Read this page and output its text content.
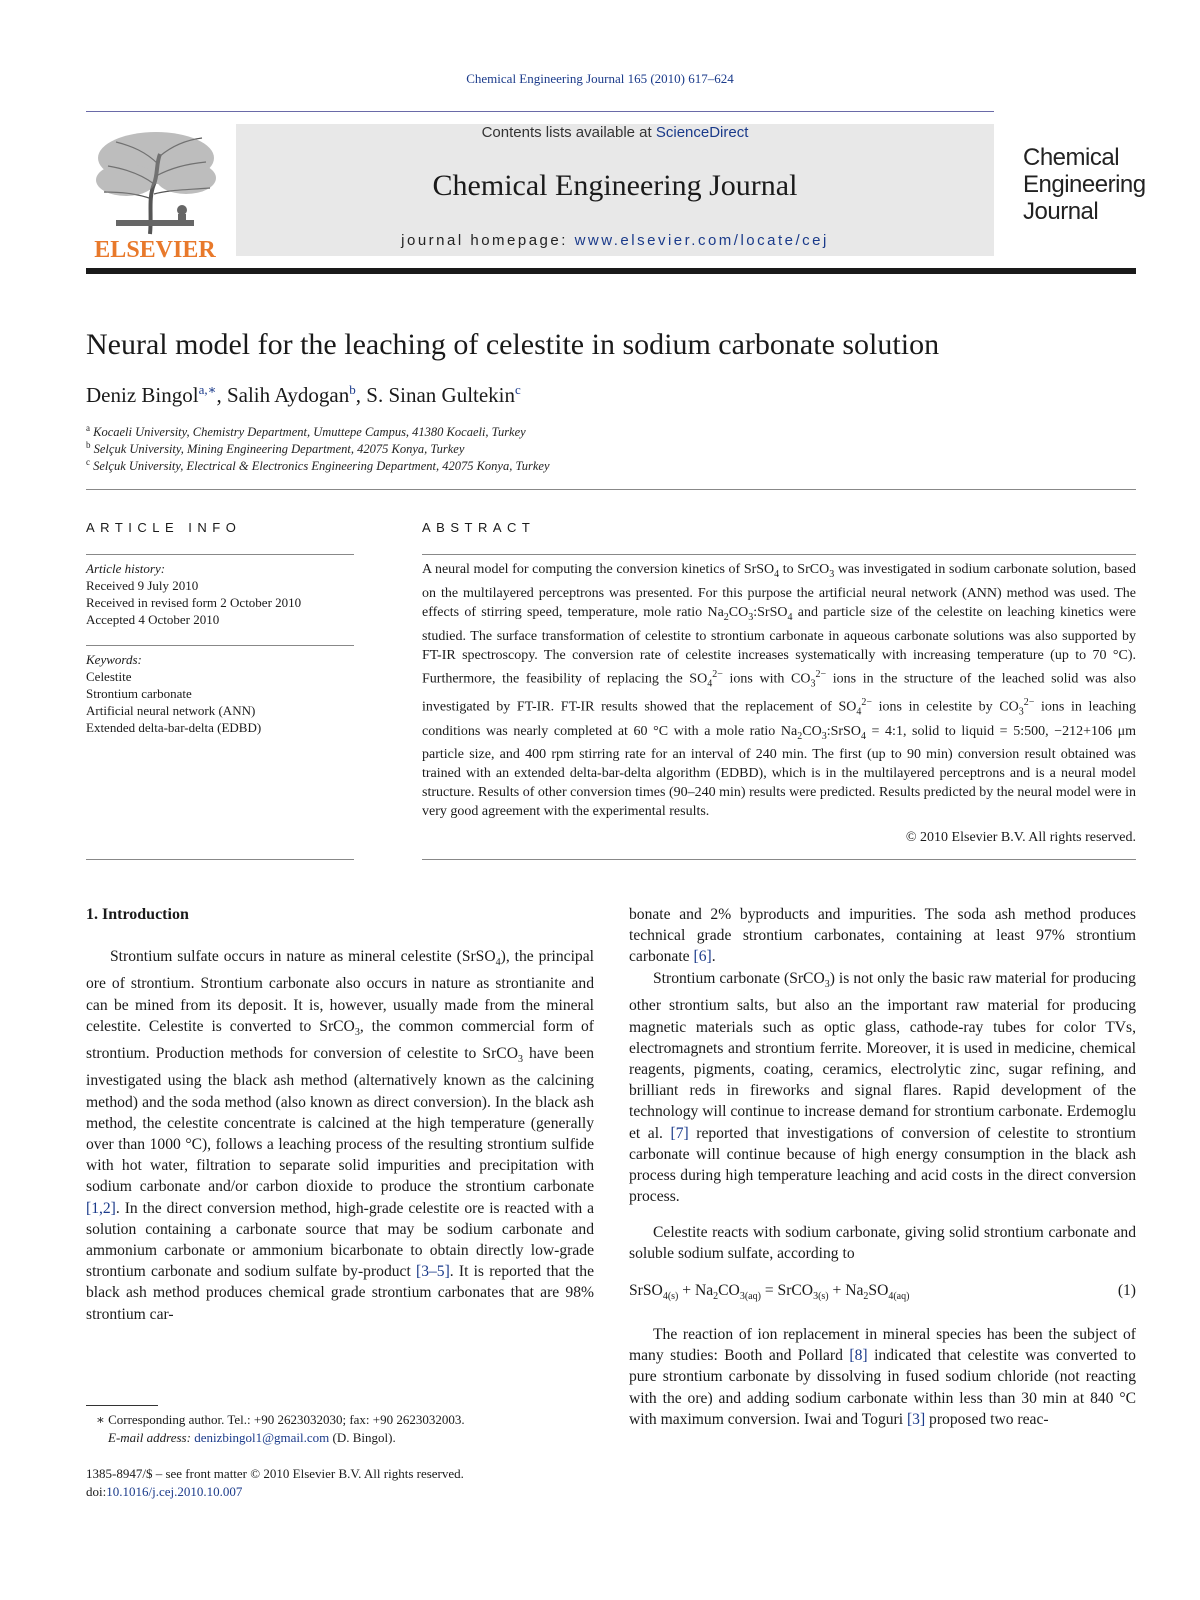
Chemical Engineering Journal 165 (2010) 617–624
ELSEVIER
Contents lists available at ScienceDirect
Chemical Engineering Journal
journal homepage: www.elsevier.com/locate/cej
Chemical
Engineering
Journal
Neural model for the leaching of celestite in sodium carbonate solution
Deniz Bingol$^{a,∗}$, Salih Aydogan$^b$, S. Sinan Gultekin$^c$
$^a$ Kocaeli University, Chemistry Department, Umuttepe Campus, 41380 Kocaeli, Turkey
$^b$ Selçuk University, Mining Engineering Department, 42075 Konya, Turkey
$^c$ Selçuk University, Electrical & Electronics Engineering Department, 42075 Konya, Turkey
ARTICLE INFO	ABSTRACT
Article history:
Received 9 July 2010
Received in revised form 2 October 2010
Accepted 4 October 2010
Keywords:
Celestite
Strontium carbonate
Artificial neural network (ANN)
Extended delta-bar-delta (EDBD)
A neural model for computing the conversion kinetics of SrSO$_4$ to SrCO$_3$ was investigated in sodium carbonate solution, based on the multilayered perceptrons was presented. For this purpose the artificial neural network (ANN) method was used. The effects of stirring speed, temperature, mole ratio $Na_2CO_3:SrSO_4$ and particle size of the celestite on leaching kinetics were studied. The surface transformation of celestite to strontium carbonate in aqueous carbonate solutions was also supported by FT-IR spectroscopy. The conversion rate of celestite increases systematically with increasing temperature (up to 70 °C). Furthermore, the feasibility of replacing the $SO_4^{2-}$ ions with $CO_3^{2-}$ ions in the structure of the leached solid was also investigated by FT-IR. FT-IR results showed that the replacement of $SO_4^{2-}$ ions in celestite by $CO_3^{2-}$ ions in leaching conditions was nearly completed at 60 °C with a mole ratio $Na_2CO_3:SrSO_4$ = 4:1, solid to liquid = 5:500, −212+106 μm particle size, and 400 rpm stirring rate for an interval of 240 min. The first (up to 90 min) conversion result obtained was trained with an extended delta-bar-delta algorithm (EDBD), which is in the multilayered perceptrons and is a neural model structure. Results of other conversion times (90–240 min) results were predicted. Results predicted by the neural model were in very good agreement with the experimental results.
© 2010 Elsevier B.V. All rights reserved.
1. Introduction
Strontium sulfate occurs in nature as mineral celestite (SrSO$_4$), the principal ore of strontium. Strontium carbonate also occurs in nature as strontianite and can be mined from its deposit. It is, however, usually made from the mineral celestite. Celestite is converted to SrCO$_3$, the common commercial form of strontium. Production methods for conversion of celestite to SrCO$_3$ have been investigated using the black ash method (alternatively known as the calcining method) and the soda method (also known as direct conversion). In the black ash method, the celestite concentrate is calcined at the high temperature (generally over than 1000 °C), follows a leaching process of the resulting strontium sulfide with hot water, filtration to separate solid impurities and precipitation with sodium carbonate and/or carbon dioxide to produce the strontium carbonate [1,2]. In the direct conversion method, high-grade celestite ore is reacted with a solution containing a carbonate source that may be sodium carbonate and ammonium carbonate or ammonium bicarbonate to obtain directly low-grade strontium carbonate and sodium sulfate by-product [3–5]. It is reported that the black ash method produces chemical grade strontium carbonates that are 98% strontium car-
bonate and 2% byproducts and impurities. The soda ash method produces technical grade strontium carbonates, containing at least 97% strontium carbonate [6].
Strontium carbonate (SrCO$_3$) is not only the basic raw material for producing other strontium salts, but also an the important raw material for producing magnetic materials such as optic glass, cathode-ray tubes for color TVs, electromagnets and strontium ferrite. Moreover, it is used in medicine, chemical reagents, pigments, coating, ceramics, electrolytic zinc, sugar refining, and brilliant reds in fireworks and signal flares. Rapid development of the technology will continue to increase demand for strontium carbonate. Erdemoglu et al. [7] reported that investigations of conversion of celestite to strontium carbonate will continue because of high energy consumption in the black ash process during high temperature leaching and acid costs in the direct conversion process.
Celestite reacts with sodium carbonate, giving solid strontium carbonate and soluble sodium sulfate, according to
SrSO$_{4(s)}$ + $Na_2CO_{3(aq)}$ = SrCO$_{3(s)}$ + $Na_2SO_{4(aq)}$	(1)
The reaction of ion replacement in mineral species has been the subject of many studies: Booth and Pollard [8] indicated that celestite was converted to pure strontium carbonate by dissolving in fused sodium chloride (not reacting with the ore) and adding sodium carbonate within less than 30 min at 840 °C with maximum conversion. Iwai and Toguri [3] proposed two reac-
∗ Corresponding author. Tel.: +90 2623032030; fax: +90 2623032003.
E-mail address: denizbingol1@gmail.com (D. Bingol).
1385-8947/$ – see front matter © 2010 Elsevier B.V. All rights reserved.
doi:10.1016/j.cej.2010.10.007
